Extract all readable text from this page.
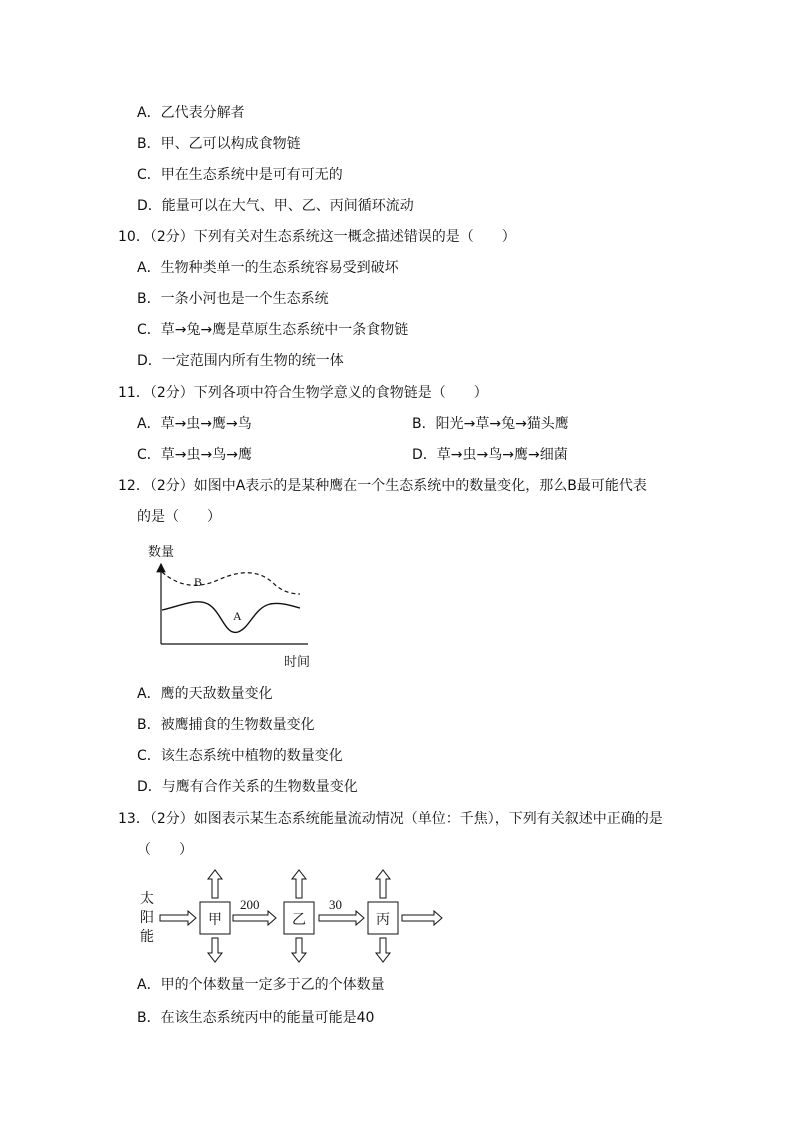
A．乙代表分解者
B．甲、乙可以构成食物链
C．甲在生态系统中是可有可无的
D．能量可以在大气、甲、乙、丙间循环流动
10．（2分）下列有关对生态系统这一概念描述错误的是（　　）
A．生物种类单一的生态系统容易受到破坏
B．一条小河也是一个生态系统
C．草→兔→鹰是草原生态系统中一条食物链
D．一定范围内所有生物的统一体
11．（2分）下列各项中符合生物学意义的食物链是（　　）
A．草→虫→鹰→鸟	B．阳光→草→兔→猫头鹰
C．草→虫→鸟→鹰	D．草→虫→鸟→鹰→细菌
12．（2分）如图中A表示的是某种鹰在一个生态系统中的数量变化，那么B最可能代表
的是（　　）
数量
B
A
时间
A．鹰的天敌数量变化
B．被鹰捕食的生物数量变化
C．该生态系统中植物的数量变化
D．与鹰有合作关系的生物数量变化
13．（2分）如图表示某生态系统能量流动情况（单位：千焦），下列有关叙述中正确的是
（　　）
太
阳
能
200	30
甲	乙	丙
A．甲的个体数量一定多于乙的个体数量
B．在该生态系统丙中的能量可能是40
